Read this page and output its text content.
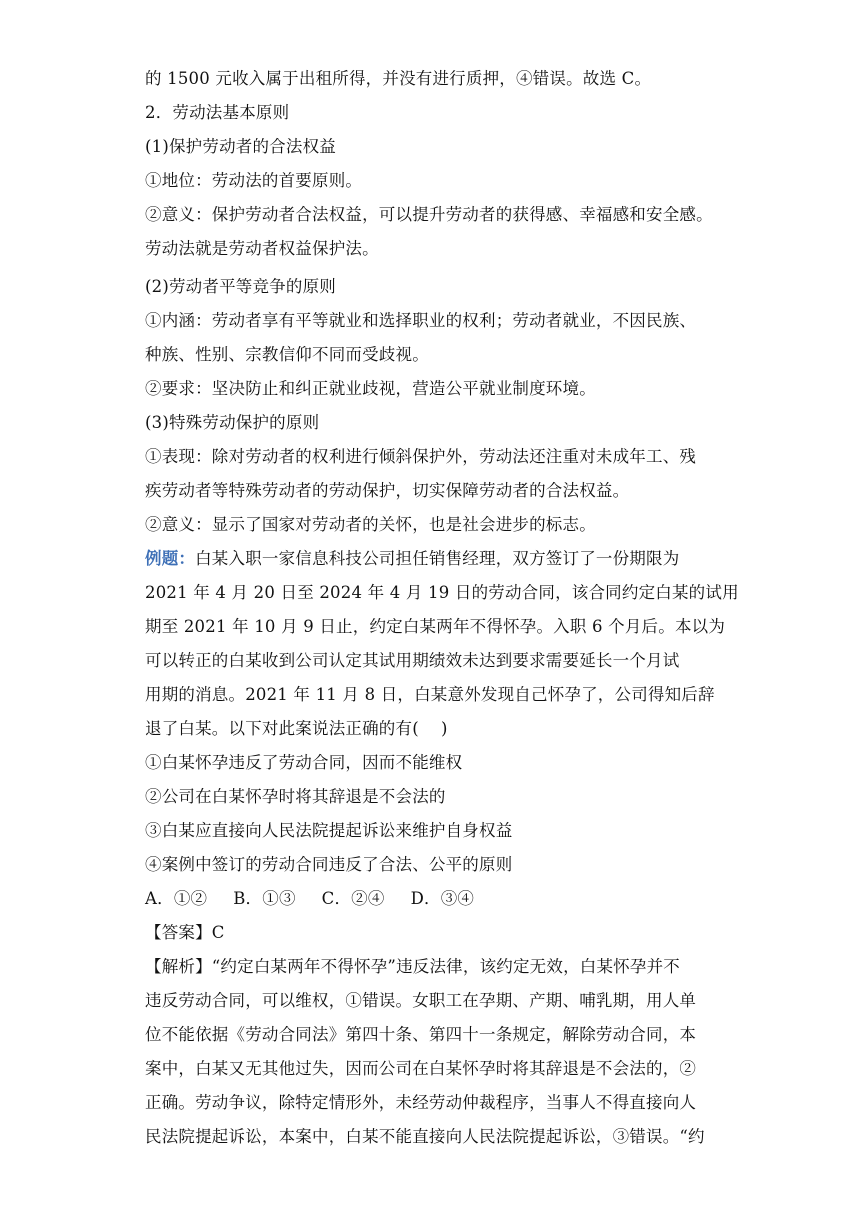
的 1500 元收入属于出租所得，并没有进行质押，④错误。故选 C。
2．劳动法基本原则
(1)保护劳动者的合法权益
①地位：劳动法的首要原则。
②意义：保护劳动者合法权益，可以提升劳动者的获得感、幸福感和安全感。
劳动法就是劳动者权益保护法。
(2)劳动者平等竞争的原则
①内涵：劳动者享有平等就业和选择职业的权利；劳动者就业，不因民族、
种族、性别、宗教信仰不同而受歧视。
②要求：坚决防止和纠正就业歧视，营造公平就业制度环境。
(3)特殊劳动保护的原则
①表现：除对劳动者的权利进行倾斜保护外，劳动法还注重对未成年工、残
疾劳动者等特殊劳动者的劳动保护，切实保障劳动者的合法权益。
②意义：显示了国家对劳动者的关怀，也是社会进步的标志。
例题：白某入职一家信息科技公司担任销售经理，双方签订了一份期限为
2021 年 4 月 20 日至 2024 年 4 月 19 日的劳动合同，该合同约定白某的试用
期至 2021 年 10 月 9 日止，约定白某两年不得怀孕。入职 6 个月后。本以为
可以转正的白某收到公司认定其试用期绩效未达到要求需要延长一个月试
用期的消息。2021 年 11 月 8 日，白某意外发现自己怀孕了，公司得知后辞
退了白某。以下对此案说法正确的有(　 )
①白某怀孕违反了劳动合同，因而不能维权
②公司在白某怀孕时将其辞退是不会法的
③白某应直接向人民法院提起诉讼来维护自身权益
④案例中签订的劳动合同违反了合法、公平的原则
A．①② B．①③ C．②④ D．③④
【答案】C
【解析】“约定白某两年不得怀孕”违反法律，该约定无效，白某怀孕并不
违反劳动合同，可以维权，①错误。女职工在孕期、产期、哺乳期，用人单
位不能依据《劳动合同法》第四十条、第四十一条规定，解除劳动合同，本
案中，白某又无其他过失，因而公司在白某怀孕时将其辞退是不会法的，②
正确。劳动争议，除特定情形外，未经劳动仲裁程序，当事人不得直接向人
民法院提起诉讼，本案中，白某不能直接向人民法院提起诉讼，③错误。“约
